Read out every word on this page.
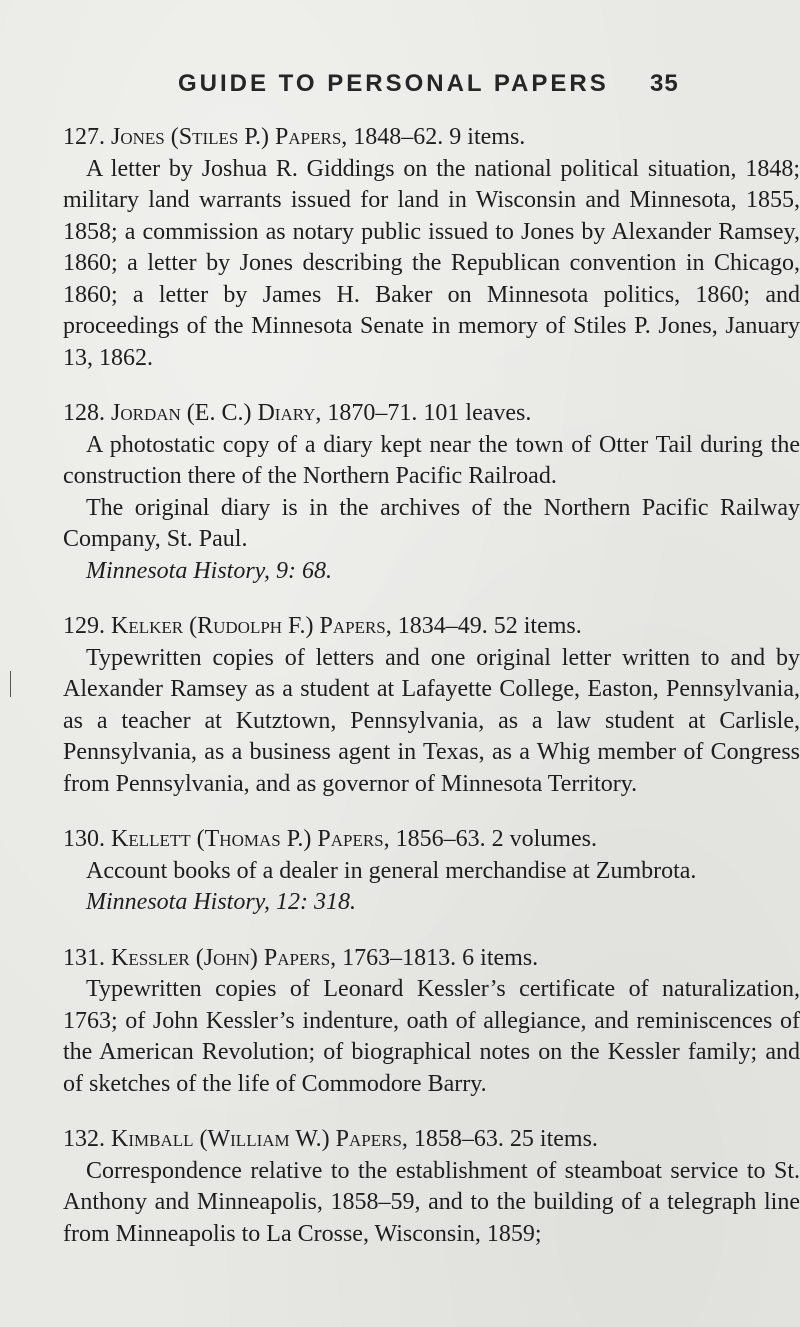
GUIDE TO PERSONAL PAPERS 35

127. Jones (Stiles P.) Papers, 1848–62. 9 items.

A letter by Joshua R. Giddings on the national political situation, 1848; military land warrants issued for land in Wisconsin and Minnesota, 1855, 1858; a commission as notary public issued to Jones by Alexander Ramsey, 1860; a letter by Jones describing the Republican convention in Chicago, 1860; a letter by James H. Baker on Minnesota politics, 1860; and proceedings of the Minnesota Senate in memory of Stiles P. Jones, January 13, 1862.

128. Jordan (E. C.) Diary, 1870–71. 101 leaves.

A photostatic copy of a diary kept near the town of Otter Tail during the construction there of the Northern Pacific Railroad.

The original diary is in the archives of the Northern Pacific Railway Company, St. Paul.

Minnesota History, 9: 68.

129. Kelker (Rudolph F.) Papers, 1834–49. 52 items.

Typewritten copies of letters and one original letter written to and by Alexander Ramsey as a student at Lafayette College, Easton, Pennsylvania, as a teacher at Kutztown, Pennsylvania, as a law student at Carlisle, Pennsylvania, as a business agent in Texas, as a Whig member of Congress from Pennsylvania, and as governor of Minnesota Territory.

130. Kellett (Thomas P.) Papers, 1856–63. 2 volumes.

Account books of a dealer in general merchandise at Zumbrota.

Minnesota History, 12: 318.

131. Kessler (John) Papers, 1763–1813. 6 items.

Typewritten copies of Leonard Kessler’s certificate of naturalization, 1763; of John Kessler’s indenture, oath of allegiance, and reminiscences of the American Revolution; of biographical notes on the Kessler family; and of sketches of the life of Commodore Barry.

132. Kimball (William W.) Papers, 1858–63. 25 items.

Correspondence relative to the establishment of steamboat service to St. Anthony and Minneapolis, 1858–59, and to the building of a telegraph line from Minneapolis to La Crosse, Wisconsin, 1859;
